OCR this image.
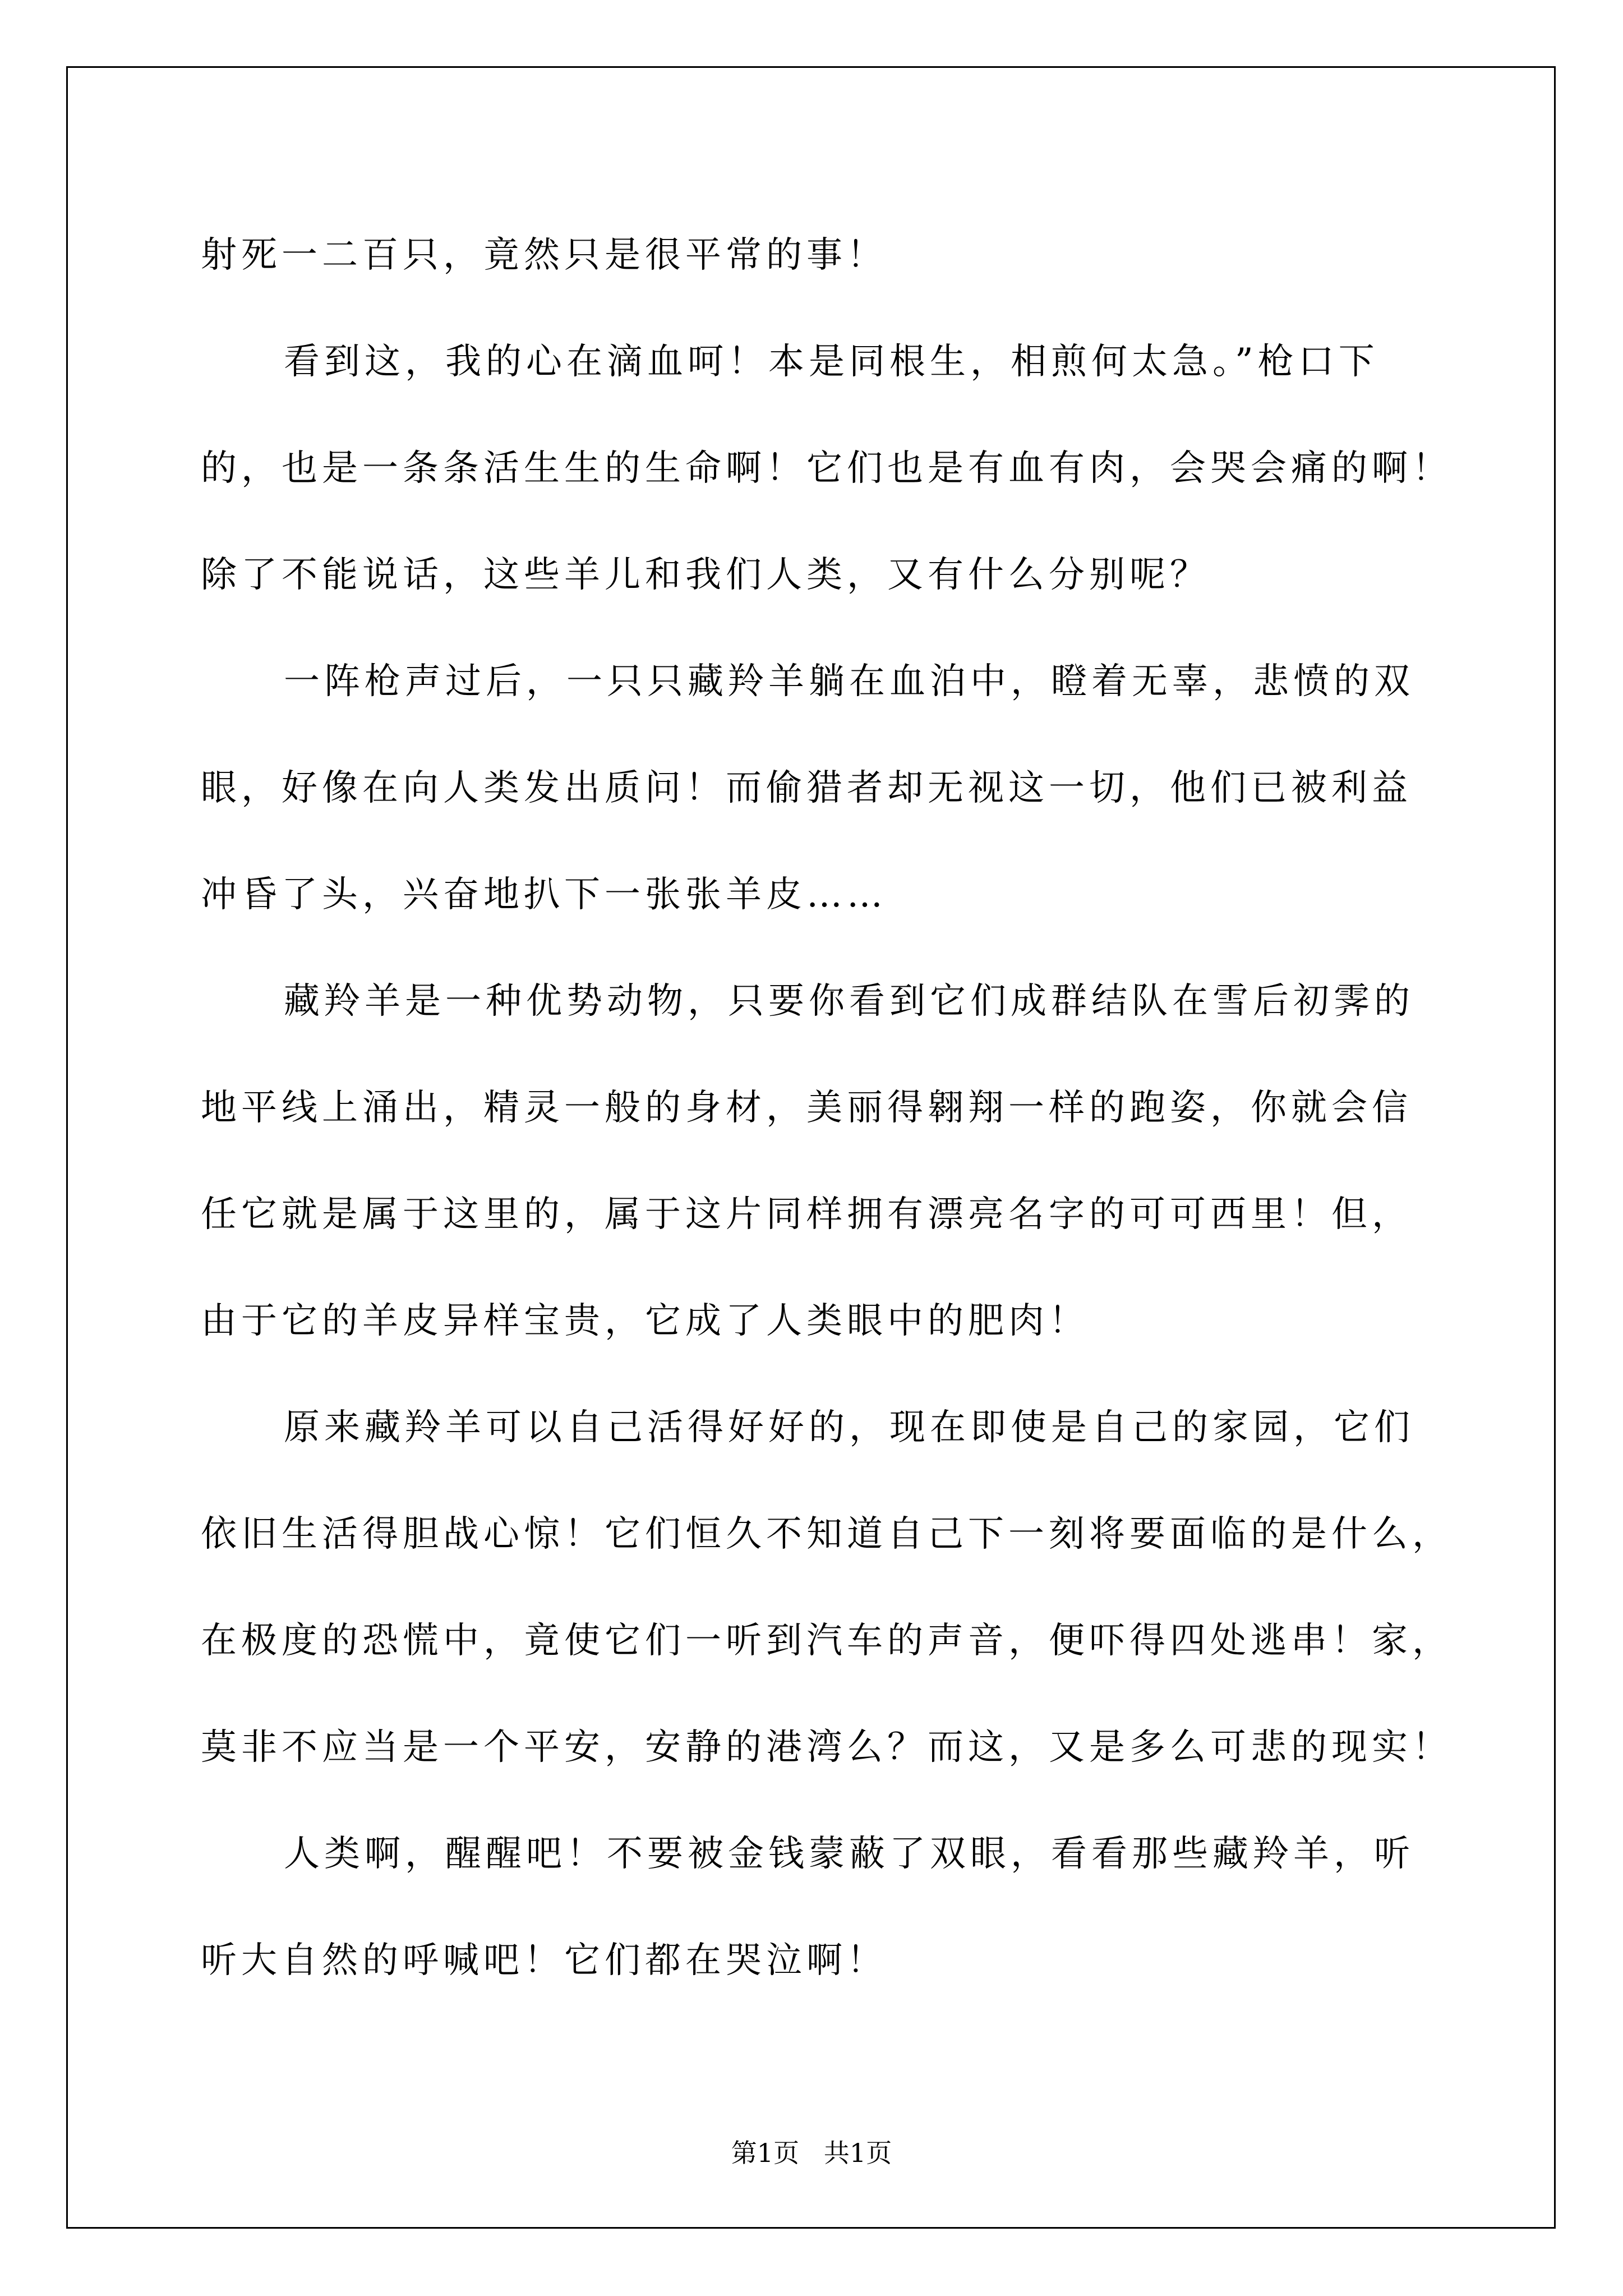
射死一二百只，竟然只是很平常的事！
看到这，我的心在滴血呵！本是同根生，相煎何太急。”枪口下
的，也是一条条活生生的生命啊！它们也是有血有肉，会哭会痛的啊！
除了不能说话，这些羊儿和我们人类，又有什么分别呢？
一阵枪声过后，一只只藏羚羊躺在血泊中，瞪着无辜，悲愤的双
眼，好像在向人类发出质问！而偷猎者却无视这一切，他们已被利益
冲昏了头，兴奋地扒下一张张羊皮……
藏羚羊是一种优势动物，只要你看到它们成群结队在雪后初霁的
地平线上涌出，精灵一般的身材，美丽得翱翔一样的跑姿，你就会信
任它就是属于这里的，属于这片同样拥有漂亮名字的可可西里！但，
由于它的羊皮异样宝贵，它成了人类眼中的肥肉！
原来藏羚羊可以自己活得好好的，现在即使是自己的家园，它们
依旧生活得胆战心惊！它们恒久不知道自己下一刻将要面临的是什么，
在极度的恐慌中，竟使它们一听到汽车的声音，便吓得四处逃串！家，
莫非不应当是一个平安，安静的港湾么？而这，又是多么可悲的现实！
人类啊，醒醒吧！不要被金钱蒙蔽了双眼，看看那些藏羚羊，听
听大自然的呼喊吧！它们都在哭泣啊！
第1页   共1页
